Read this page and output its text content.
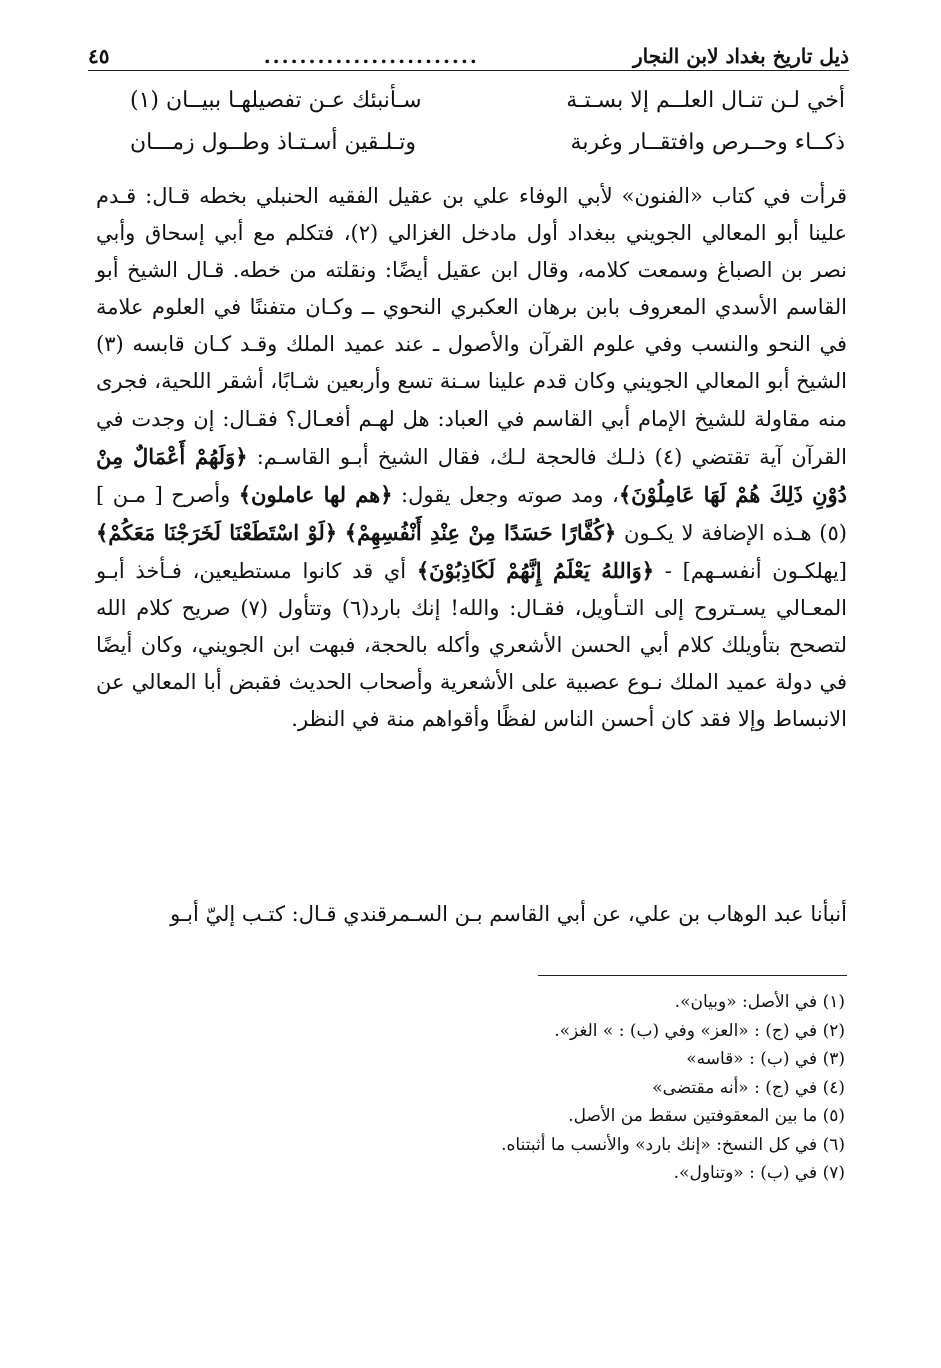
ذيل تاريخ بغداد لابن النجار
........................
٤٥
أخي لـن تنـال العلــم إلا بسـتـة
سـأنبئك عـن تفصيلهـا ببيــان (١)
ذكــاء وحــرص وافتقــار وغربة
وتـلـقين أسـتـاذ وطــول زمـــان

قرأت في كتاب «الفنون» لأبي الوفاء علي بن عقيل الفقيه الحنبلي بخطه قـال: قـدم علينا أبو المعالي الجويني ببغداد أول مادخل الغزالي (٢)، فتكلم مع أبي إسحاق وأبي نصر بن الصباغ وسمعت كلامه، وقال ابن عقيل أيضًا: ونقلته من خطه. قـال الشيخ أبو القاسم الأسدي المعروف بابن برهان العكبري النحوي ــ وكـان متفننًا في العلوم علامة في النحو والنسب وفي علوم القرآن والأصول ـ عند عميد الملك وقـد كـان قابسه (٣) الشيخ أبو المعالي الجويني وكان قدم علينا سـنة تسع وأربعين شـابًا، أشقر اللحية، فجرى منه مقاولة للشيخ الإمام أبي القاسم في العباد: هل لهـم أفعـال؟ فقـال: إن وجدت في القرآن آية تقتضي (٤) ذلـك فالحجة لـك، فقال الشيخ أبـو القاسـم: ﴿وَلَهُمْ أَعْمَالٌ مِنْ دُوْنِ ذَلِكَ هُمْ لَهَا عَامِلُوْنَ﴾، ومد صوته وجعل يقول: ﴿هم لها عاملون﴾ وأصرح [ مـن ] (٥) هـذه الإضافة لا يكـون ﴿كُفَّارًا حَسَدًا مِنْ عِنْدِ أَنْفُسِهِمْ﴾ ﴿لَوْ اسْتَطَعْنَا لَخَرَجْنَا مَعَكُمْ﴾ [يهلكـون أنفسـهم] - ﴿وَاللهُ يَعْلَمُ إِنَّهُمْ لَكَاذِبُوْنَ﴾ أي قد كانوا مستطيعين، فـأخذ أبـو المعـالي يسـتروح إلى التـأويل، فقـال: والله! إنك بارد(٦) وتتأول (٧) صريح كلام الله لتصحح بتأويلك كلام أبي الحسن الأشعري وأكله بالحجة، فبهت ابن الجويني، وكان أيضًا في دولة عميد الملك نـوع عصبية على الأشعرية وأصحاب الحديث فقبض أبا المعالي عن الانبساط وإلا فقد كان أحسن الناس لفظًا وأقواهم منة في النظر.

أنبأنا عبد الوهاب بن علي، عن أبي القاسم بـن السـمرقندي قـال: كتـب إليّ أبـو

(١) في الأصل: «وبيان».
(٢) في (ج) : «العز» وفي (ب) : » الغز».
(٣) في (ب) : «قاسه»
(٤) في (ج) : «أنه مقتضى»
(٥) ما بين المعقوفتين سقط من الأصل.
(٦) في كل النسخ: «إنك بارد» والأنسب ما أثبتناه.
(٧) في (ب) : «وتناول».
